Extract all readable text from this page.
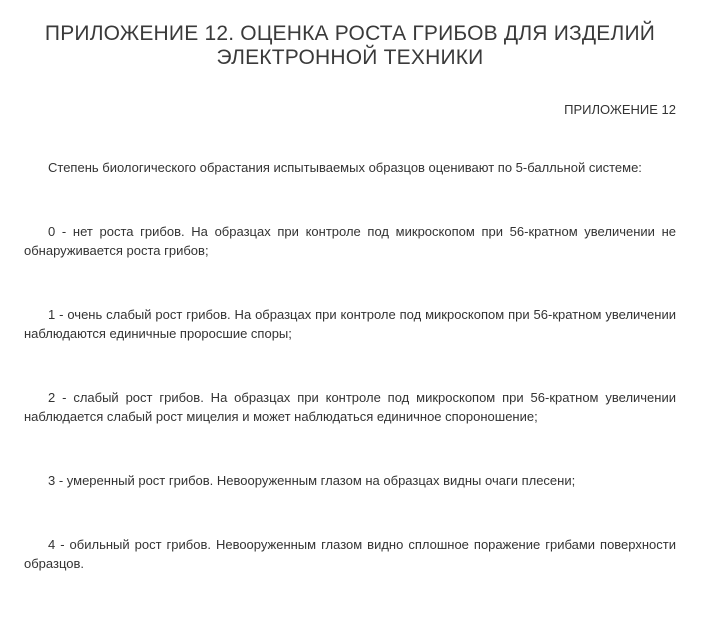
ПРИЛОЖЕНИЕ 12. ОЦЕНКА РОСТА ГРИБОВ ДЛЯ ИЗДЕЛИЙ
ЭЛЕКТРОННОЙ ТЕХНИКИ
ПРИЛОЖЕНИЕ 12

Степень биологического обрастания испытываемых образцов оценивают по 5-балльной системе:

0 - нет роста грибов. На образцах при контроле под микроскопом при 56-кратном увеличении не обнаруживается роста грибов;

1 - очень слабый рост грибов. На образцах при контроле под микроскопом при 56-кратном увеличении наблюдаются единичные проросшие споры;

2 - слабый рост грибов. На образцах при контроле под микроскопом при 56-кратном увеличении наблюдается слабый рост мицелия и может наблюдаться единичное спороношение;

3 - умеренный рост грибов. Невооруженным глазом на образцах видны очаги плесени;

4 - обильный рост грибов. Невооруженным глазом видно сплошное поражение грибами поверхности образцов.
